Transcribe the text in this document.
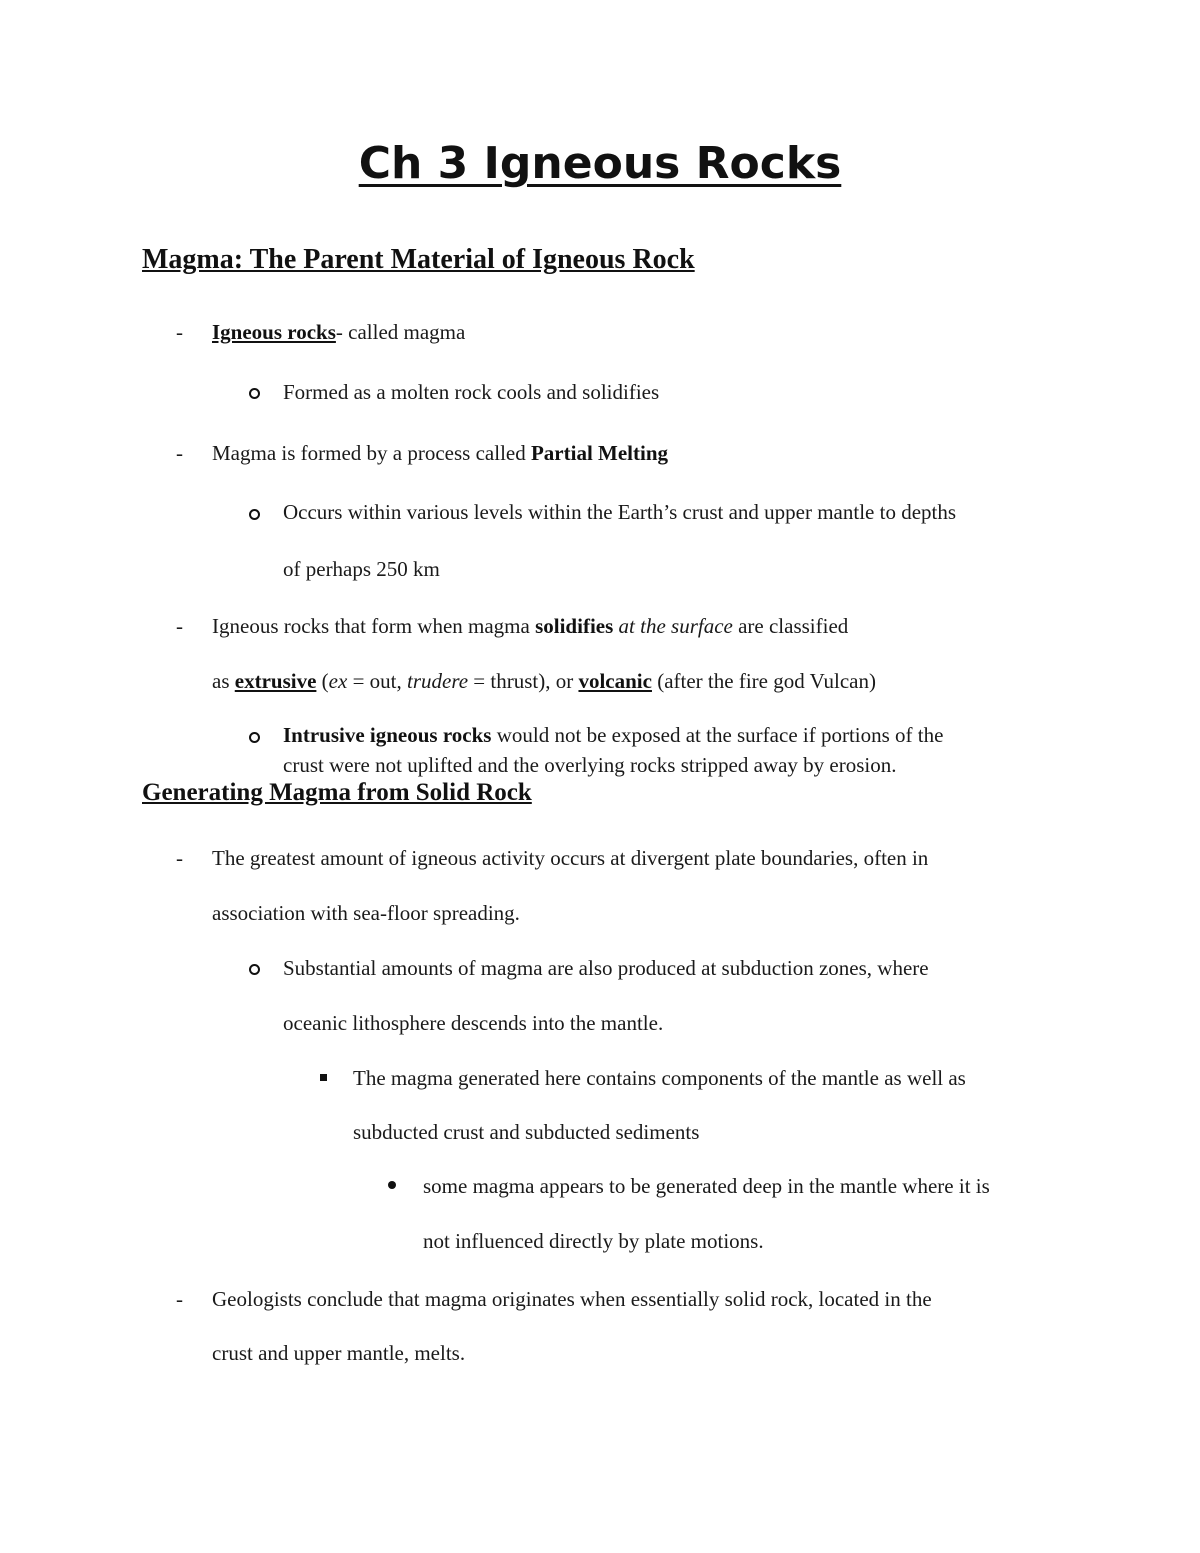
Ch 3 Igneous Rocks
Magma: The Parent Material of Igneous Rock
- Igneous rocks- called magma
Formed as a molten rock cools and solidifies
- Magma is formed by a process called Partial Melting
Occurs within various levels within the Earth’s crust and upper mantle to depths
of perhaps 250 km
- Igneous rocks that form when magma solidifies at the surface are classified
as extrusive (ex = out, trudere = thrust), or volcanic (after the fire god Vulcan)
Intrusive igneous rocks would not be exposed at the surface if portions of the
crust were not uplifted and the overlying rocks stripped away by erosion.
Generating Magma from Solid Rock
- The greatest amount of igneous activity occurs at divergent plate boundaries, often in
association with sea-floor spreading.
Substantial amounts of magma are also produced at subduction zones, where
oceanic lithosphere descends into the mantle.
The magma generated here contains components of the mantle as well as
subducted crust and subducted sediments
some magma appears to be generated deep in the mantle where it is
not influenced directly by plate motions.
- Geologists conclude that magma originates when essentially solid rock, located in the
crust and upper mantle, melts.
